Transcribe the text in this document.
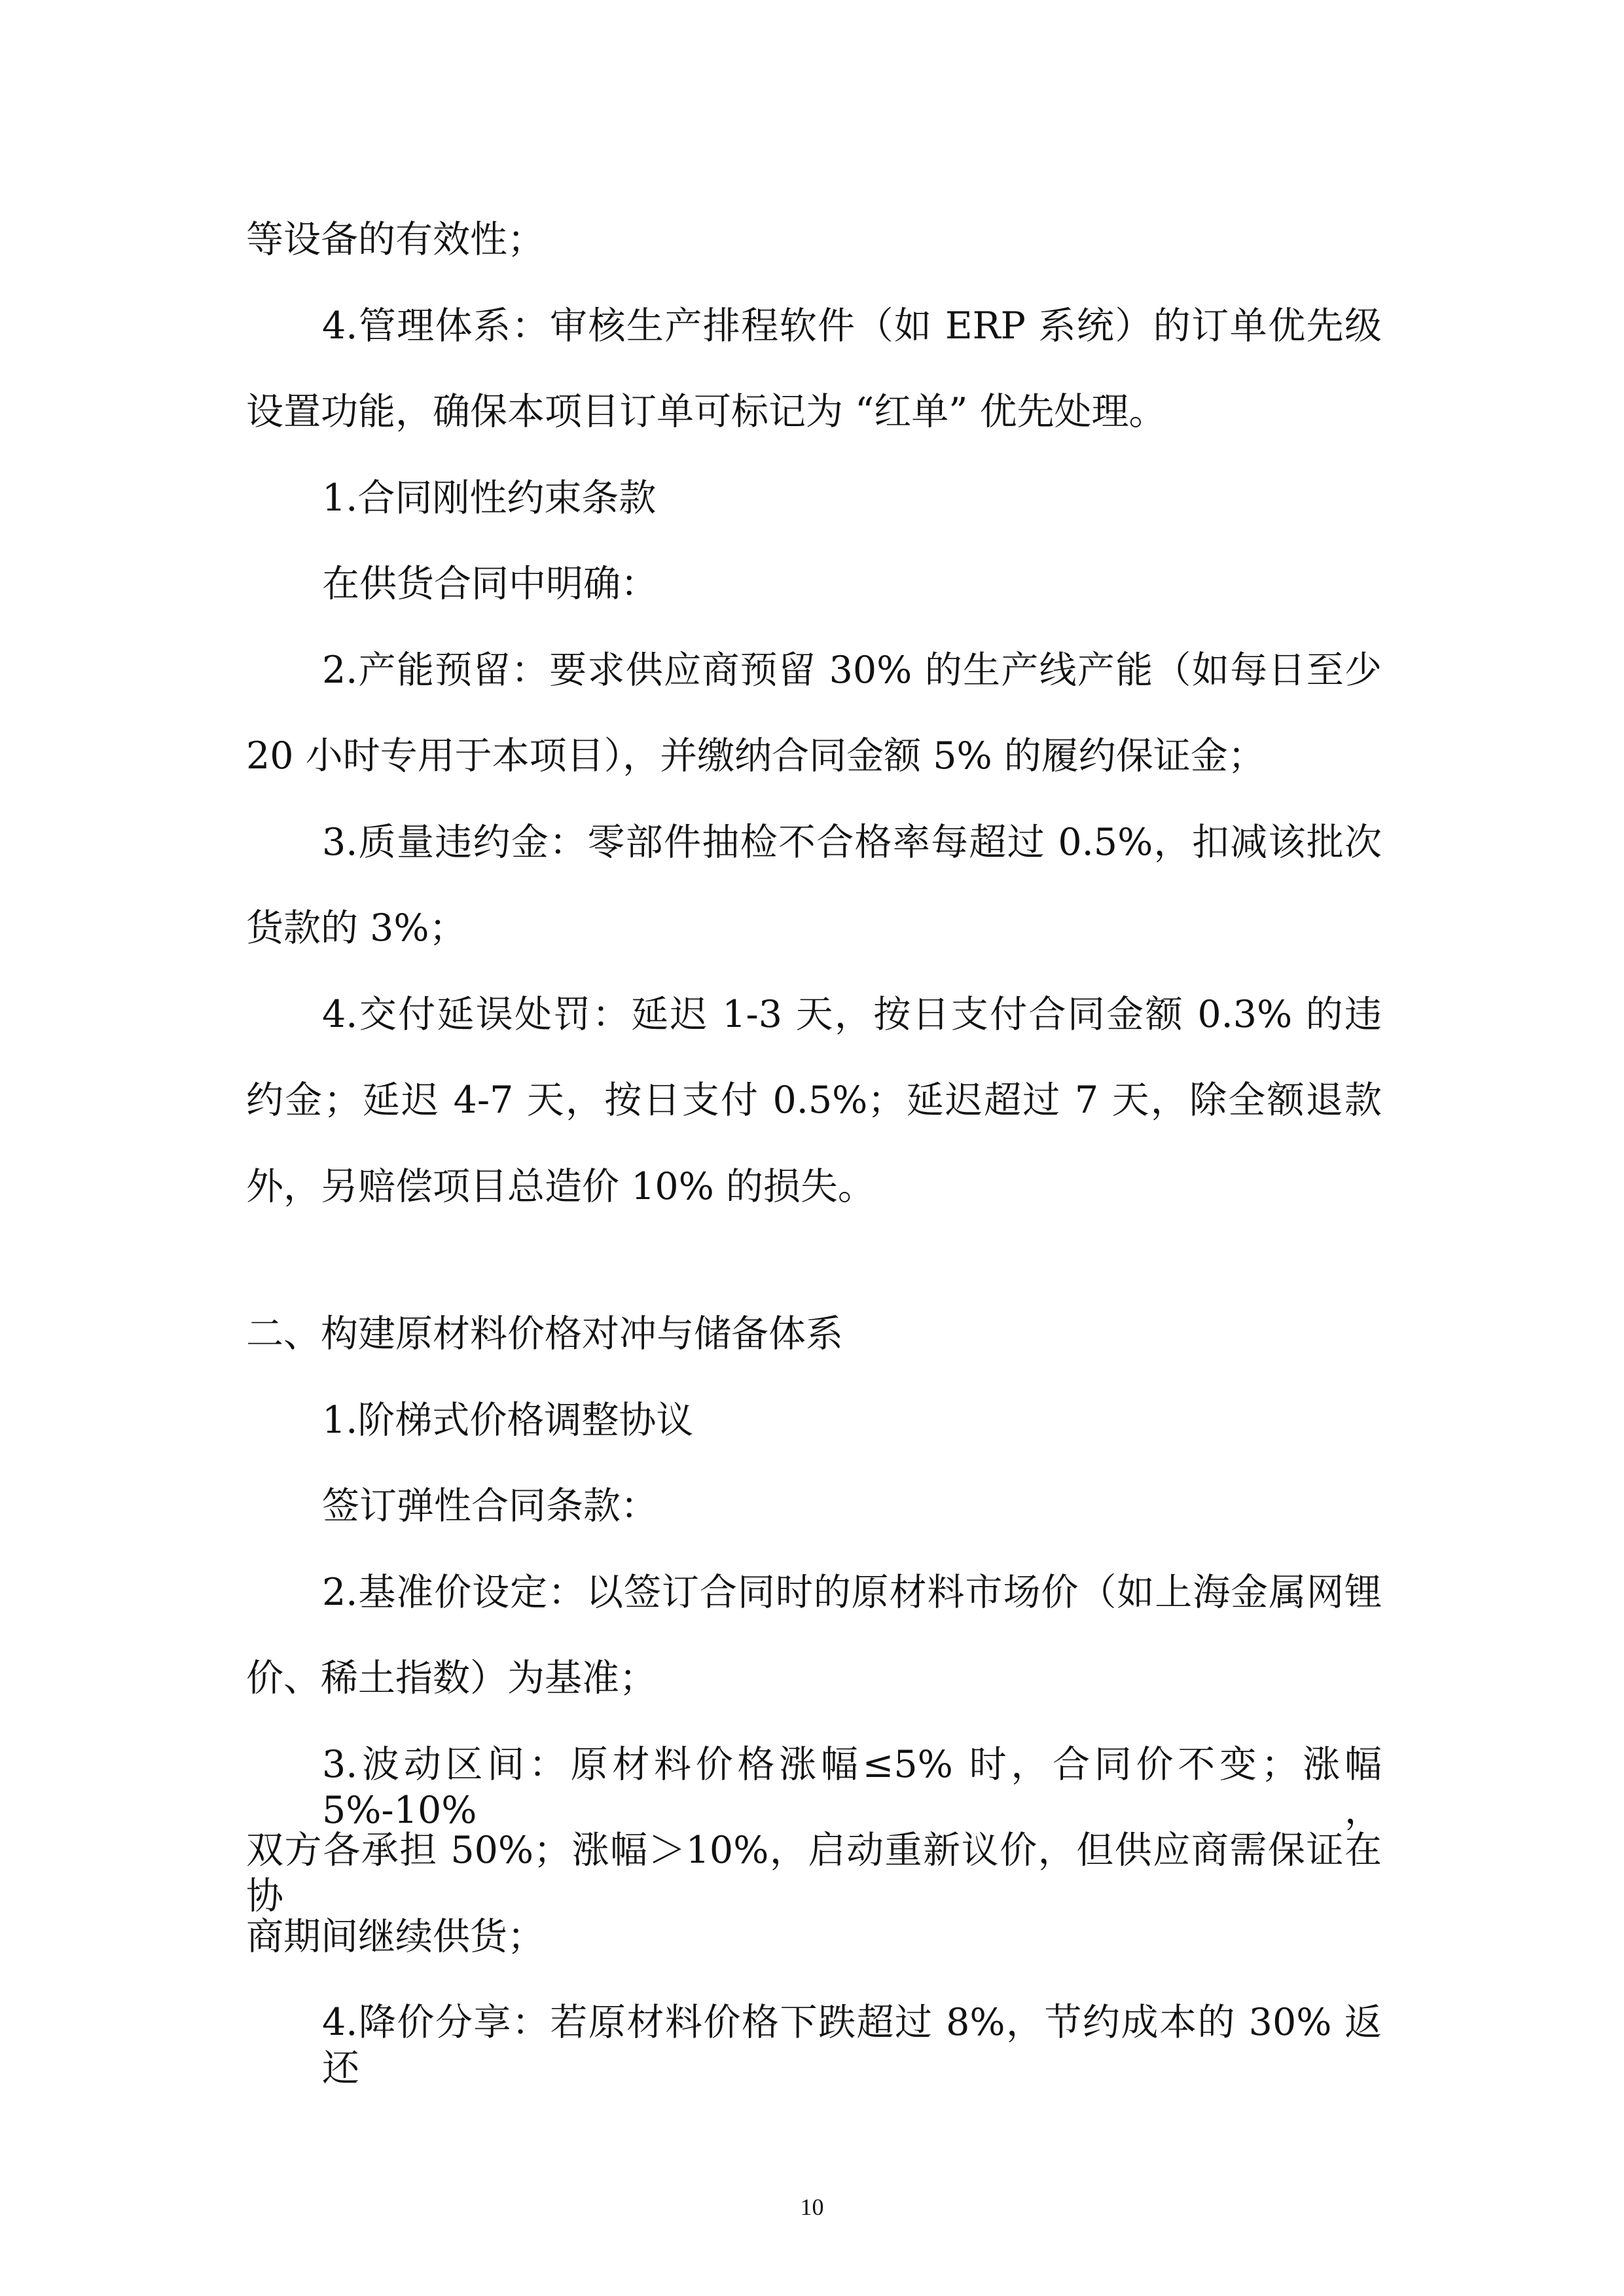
等设备的有效性；

4.管理体系：审核生产排程软件（如 ERP 系统）的订单优先级

设置功能，确保本项目订单可标记为 “红单” 优先处理。

1.合同刚性约束条款

在供货合同中明确：

2.产能预留：要求供应商预留 30% 的生产线产能（如每日至少

20 小时专用于本项目），并缴纳合同金额 5% 的履约保证金；

3.质量违约金：零部件抽检不合格率每超过 0.5%，扣减该批次

货款的 3%；

4.交付延误处罚：延迟 1-3 天，按日支付合同金额 0.3% 的违

约金；延迟 4-7 天，按日支付 0.5%；延迟超过 7 天，除全额退款

外，另赔偿项目总造价 10% 的损失。

二、构建原材料价格对冲与储备体系

1.阶梯式价格调整协议

签订弹性合同条款：

2.基准价设定：以签订合同时的原材料市场价（如上海金属网锂

价、稀土指数）为基准；

3.波动区间：原材料价格涨幅≤5% 时，合同价不变；涨幅 5%-10%，

双方各承担 50%；涨幅＞10%，启动重新议价，但供应商需保证在协

商期间继续供货；

4.降价分享：若原材料价格下跌超过 8%，节约成本的 30% 返还

10
